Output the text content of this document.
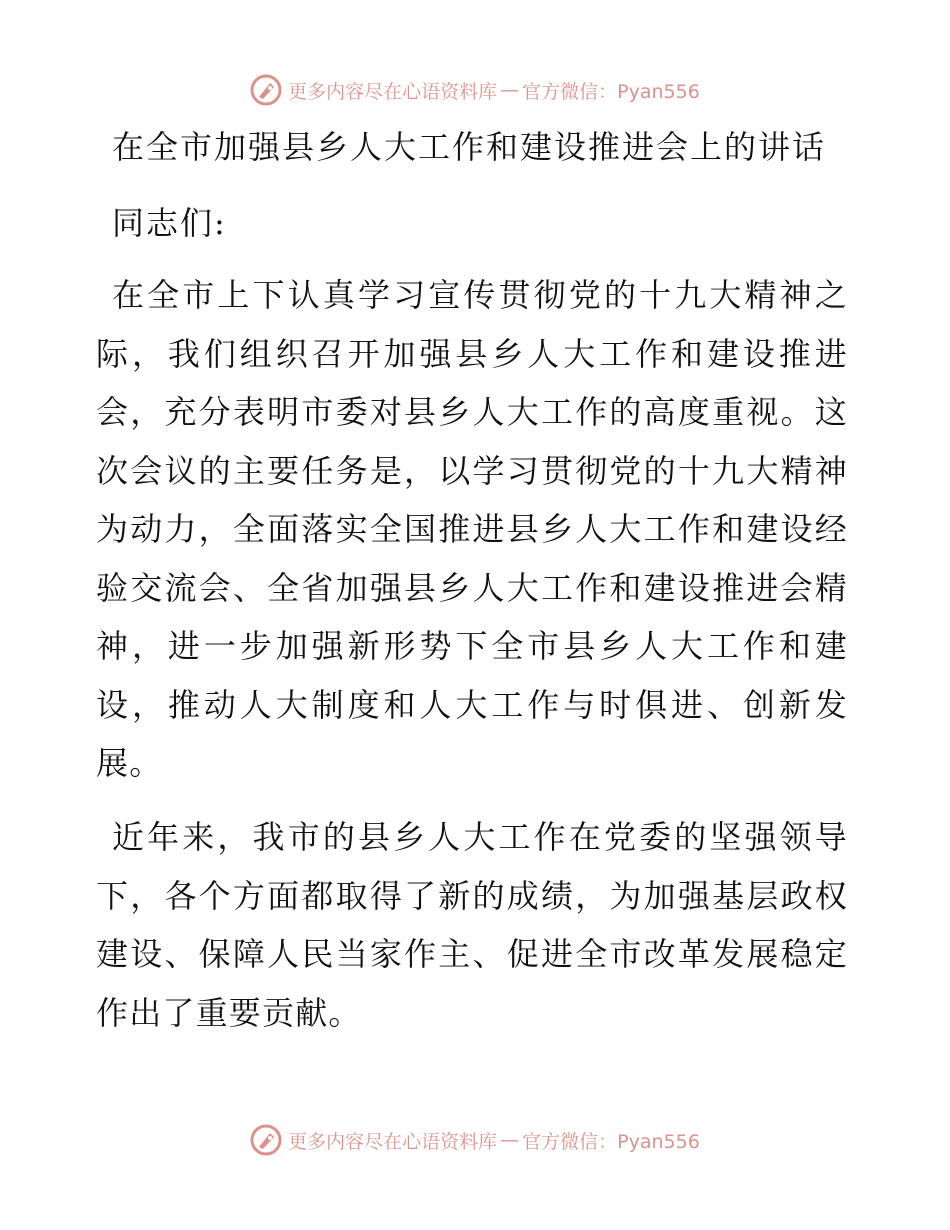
更多内容尽在心语资料库 — 官方微信：Pyan556
在全市加强县乡人大工作和建设推进会上的讲话
同志们:

在全市上下认真学习宣传贯彻党的十九大精神之际，我们组织召开加强县乡人大工作和建设推进会，充分表明市委对县乡人大工作的高度重视。这次会议的主要任务是，以学习贯彻党的十九大精神为动力，全面落实全国推进县乡人大工作和建设经验交流会、全省加强县乡人大工作和建设推进会精神，进一步加强新形势下全市县乡人大工作和建设，推动人大制度和人大工作与时俱进、创新发展。

近年来，我市的县乡人大工作在党委的坚强领导下，各个方面都取得了新的成绩，为加强基层政权建设、保障人民当家作主、促进全市改革发展稳定作出了重要贡献。

更多内容尽在心语资料库 — 官方微信：Pyan556
